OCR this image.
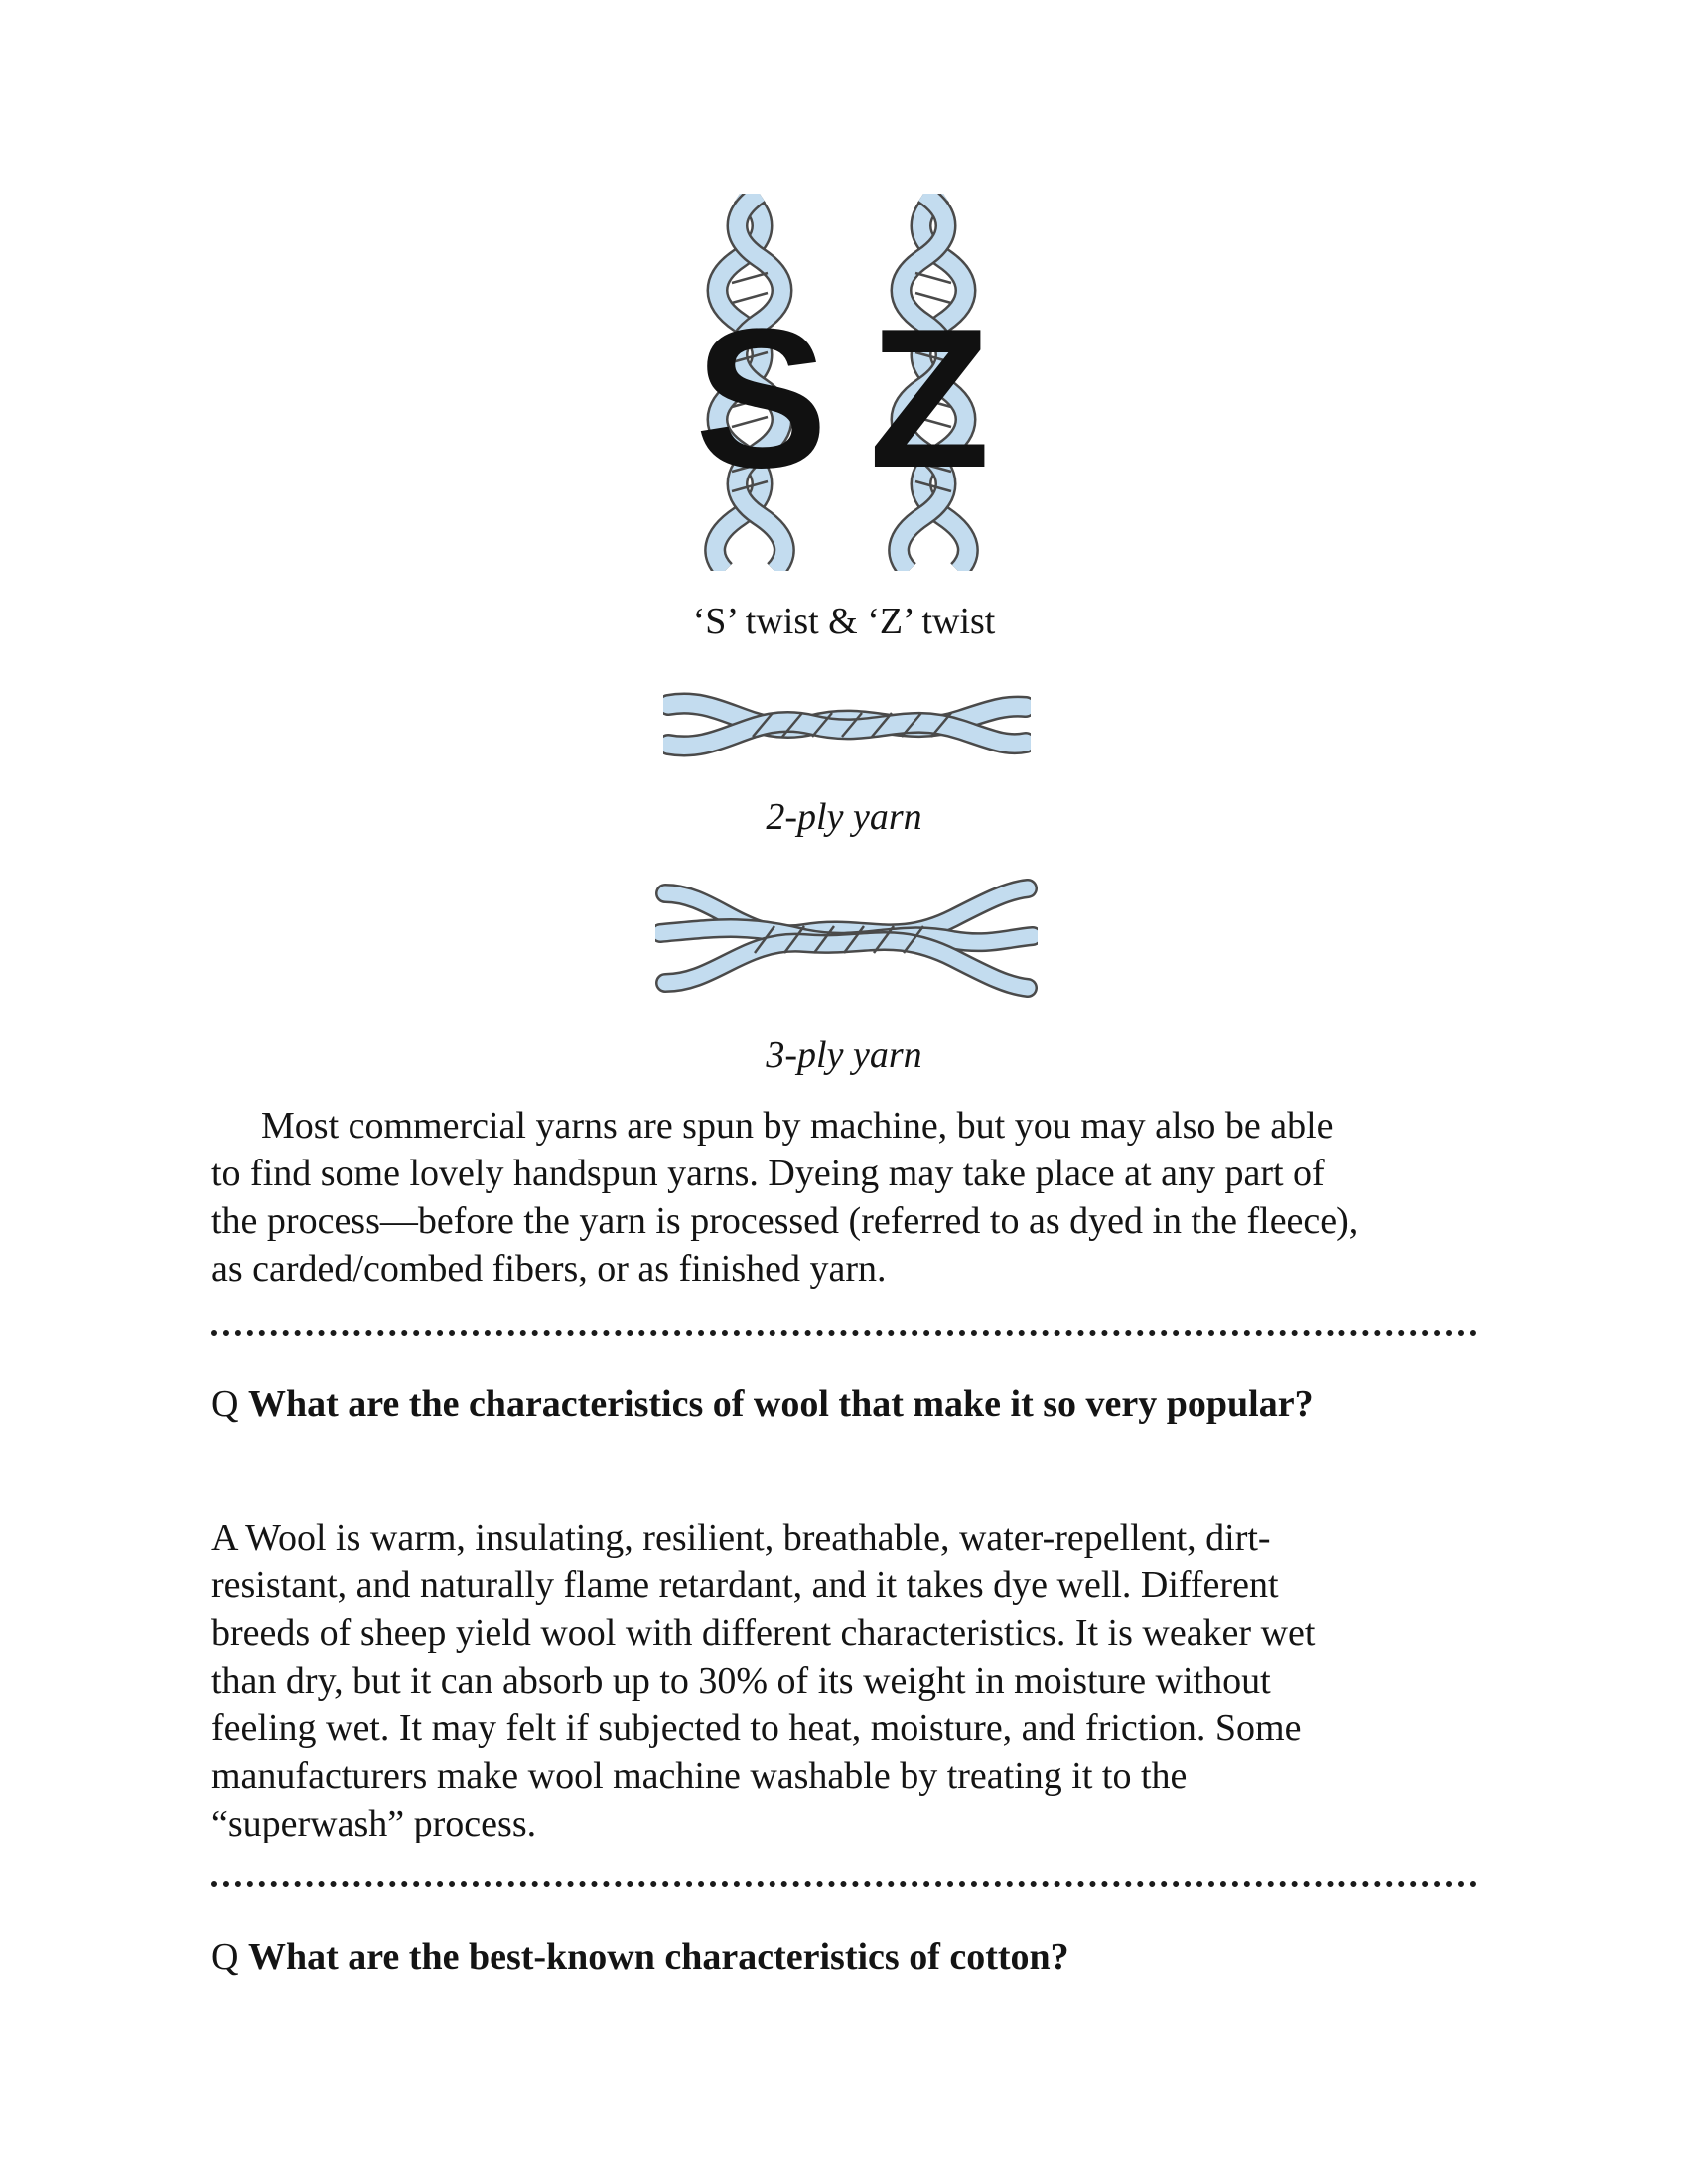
S Z

‘S’ twist & ‘Z’ twist

2-ply yarn

3-ply yarn

Most commercial yarns are spun by machine, but you may also be able
to find some lovely handspun yarns. Dyeing may take place at any part of
the process—before the yarn is processed (referred to as dyed in the fleece),
as carded/combed fibers, or as finished yarn.

Q What are the characteristics of wool that make it so very popular?

A Wool is warm, insulating, resilient, breathable, water-repellent, dirt-
resistant, and naturally flame retardant, and it takes dye well. Different
breeds of sheep yield wool with different characteristics. It is weaker wet
than dry, but it can absorb up to 30% of its weight in moisture without
feeling wet. It may felt if subjected to heat, moisture, and friction. Some
manufacturers make wool machine washable by treating it to the
“superwash” process.

Q What are the best-known characteristics of cotton?
